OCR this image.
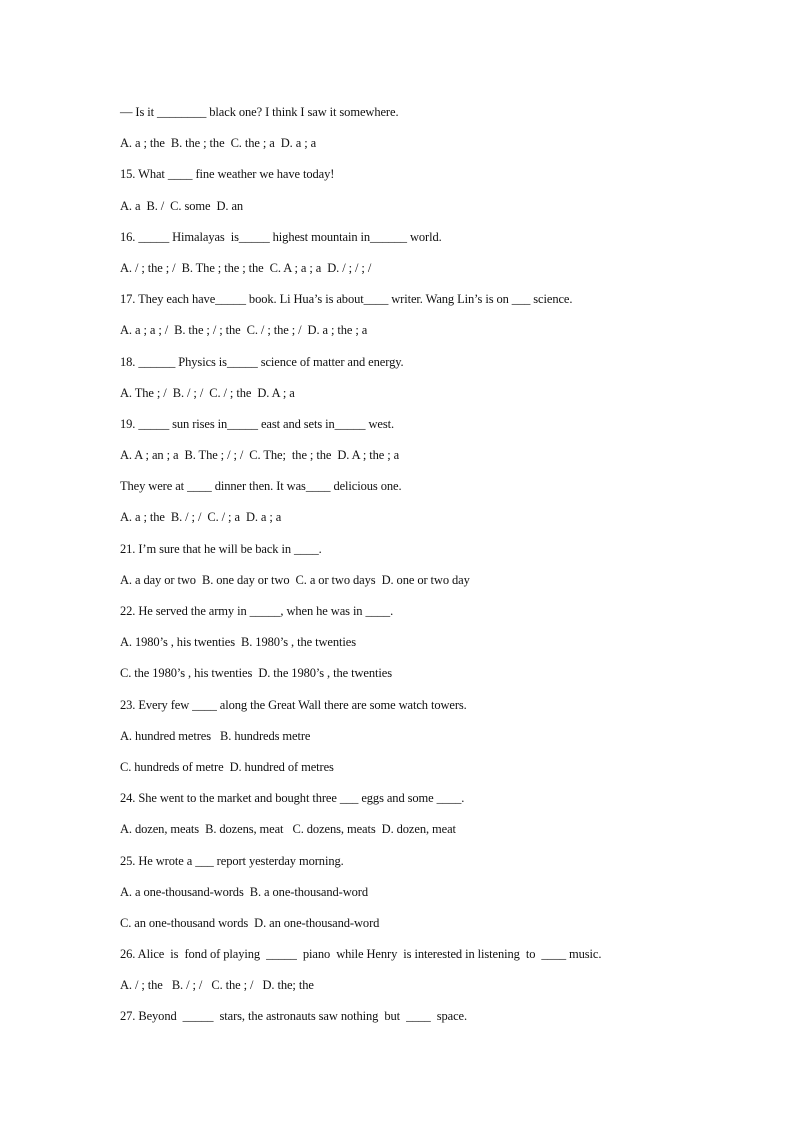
— Is it ________ black one? I think I saw it somewhere.
A. a ; the  B. the ; the  C. the ; a  D. a ; a
15. What ____ fine weather we have today!
A. a  B. /  C. some  D. an
16. _____ Himalayas  is_____ highest mountain in______ world.
A. / ; the ; /  B. The ; the ; the  C. A ; a ; a  D. / ; / ; /
17. They each have_____ book. Li Hua’s is about____ writer. Wang Lin’s is on ___ science.
A. a ; a ; /  B. the ; / ; the  C. / ; the ; /  D. a ; the ; a
18. ______ Physics is_____ science of matter and energy.
A. The ; /  B. / ; /  C. / ; the  D. A ; a
19. _____ sun rises in_____ east and sets in_____ west.
A. A ; an ; a  B. The ; / ; /  C. The;  the ; the  D. A ; the ; a
They were at ____ dinner then. It was____ delicious one.
A. a ; the  B. / ; /  C. / ; a  D. a ; a
21. I’m sure that he will be back in ____.
A. a day or two  B. one day or two  C. a or two days  D. one or two day
22. He served the army in _____, when he was in ____.
A. 1980’s , his twenties  B. 1980’s , the twenties
C. the 1980’s , his twenties  D. the 1980’s , the twenties
23. Every few ____ along the Great Wall there are some watch towers.
A. hundred metres   B. hundreds metre
C. hundreds of metre  D. hundred of metres
24. She went to the market and bought three ___ eggs and some ____.
A. dozen, meats  B. dozens, meat   C. dozens, meats  D. dozen, meat
25. He wrote a ___ report yesterday morning.
A. a one-thousand-words  B. a one-thousand-word
C. an one-thousand words  D. an one-thousand-word
26. Alice  is  fond of playing  _____  piano  while Henry  is interested in listening  to  ____ music.
A. / ; the   B. / ; /   C. the ; /   D. the; the
27. Beyond  _____  stars, the astronauts saw nothing  but  ____  space.
